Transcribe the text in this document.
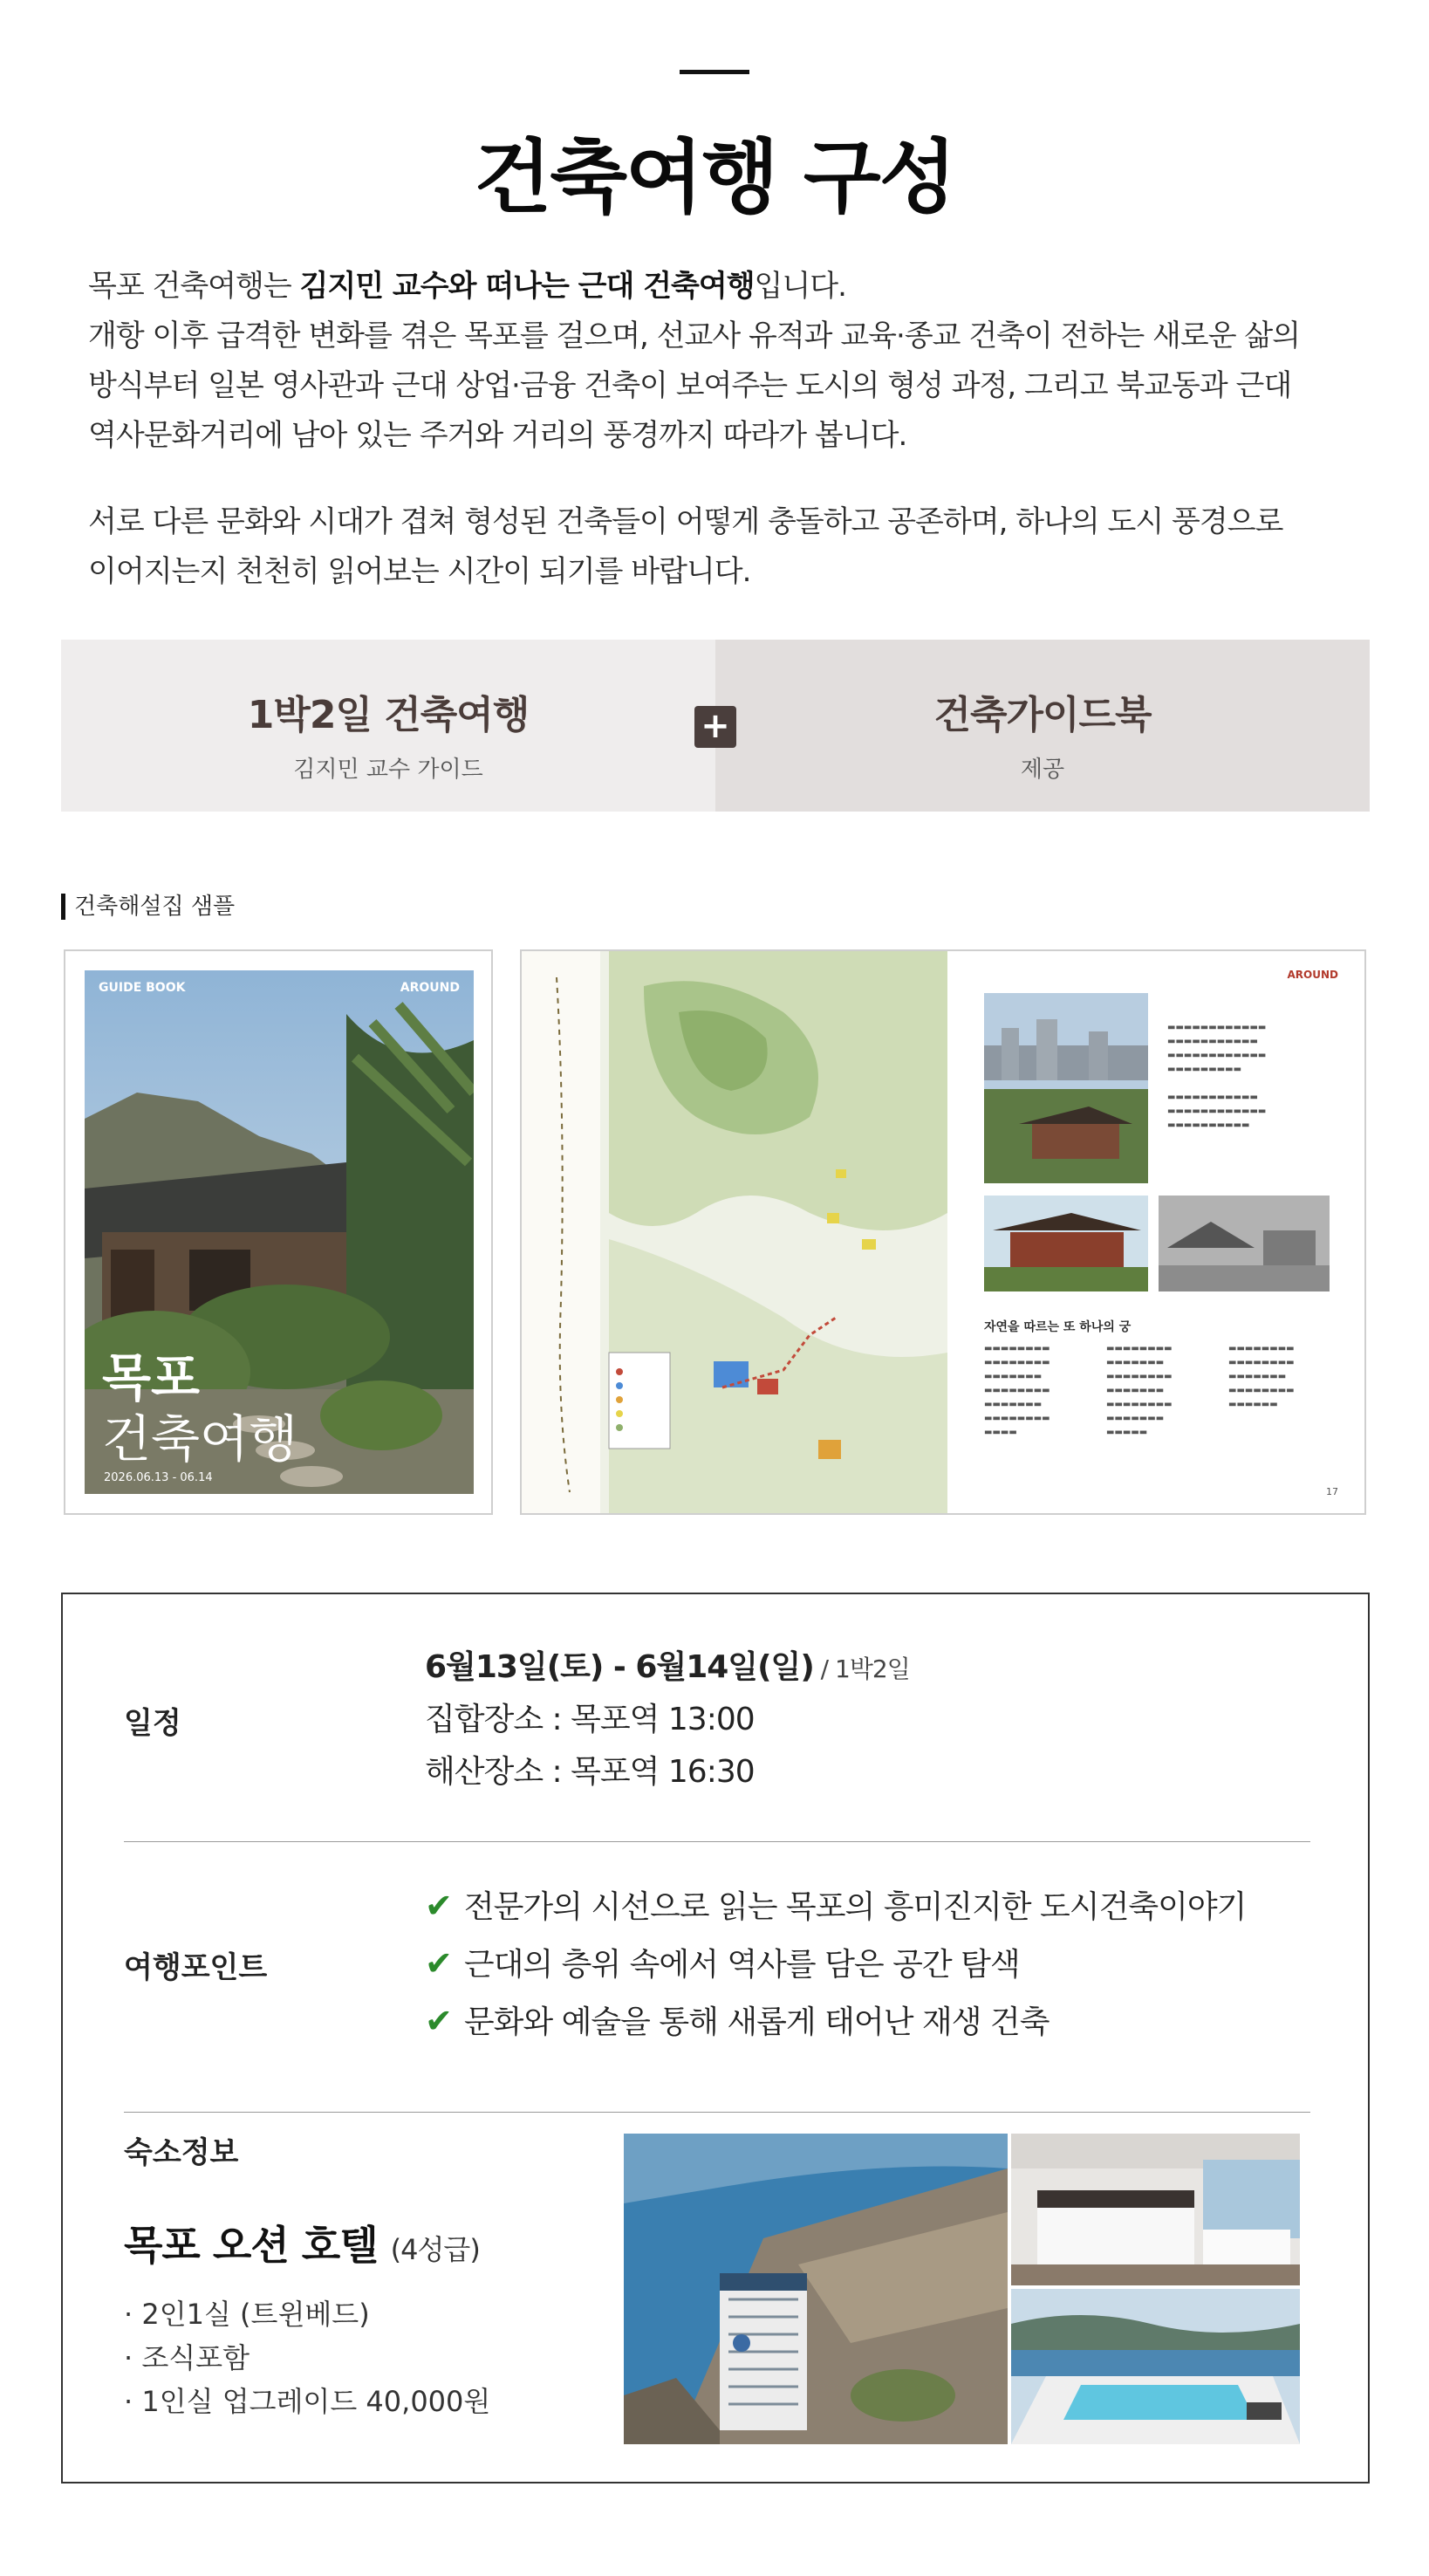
건축여행 구성

목포 건축여행는 김지민 교수와 떠나는 근대 건축여행입니다.
개항 이후 급격한 변화를 겪은 목포를 걸으며, 선교사 유적과 교육·종교 건축이 전하는 새로운 삶의
방식부터 일본 영사관과 근대 상업·금융 건축이 보여주는 도시의 형성 과정, 그리고 북교동과 근대
역사문화거리에 남아 있는 주거와 거리의 풍경까지 따라가 봅니다.

서로 다른 문화와 시대가 겹쳐 형성된 건축들이 어떻게 충돌하고 공존하며, 하나의 도시 풍경으로
이어지는지 천천히 읽어보는 시간이 되기를 바랍니다.

1박2일 건축여행
김지민 교수 가이드
건축가이드북
제공
+
건축해설집 샘플
GUIDE BOOK	AROUND
목포
건축여행
2026.06.13 - 06.14
AROUND
▬▬▬▬▬▬▬▬▬▬▬▬
▬▬▬▬▬▬▬▬▬▬▬
▬▬▬▬▬▬▬▬▬▬▬▬
▬▬▬▬▬▬▬▬▬

▬▬▬▬▬▬▬▬▬▬▬
▬▬▬▬▬▬▬▬▬▬▬▬
▬▬▬▬▬▬▬▬▬▬
자연을 따르는 또 하나의 궁
▬▬▬▬▬▬▬▬
▬▬▬▬▬▬▬▬
▬▬▬▬▬▬▬
▬▬▬▬▬▬▬▬
▬▬▬▬▬▬▬
▬▬▬▬▬▬▬▬
▬▬▬▬
▬▬▬▬▬▬▬▬
▬▬▬▬▬▬▬
▬▬▬▬▬▬▬▬
▬▬▬▬▬▬▬
▬▬▬▬▬▬▬▬
▬▬▬▬▬▬▬
▬▬▬▬▬
▬▬▬▬▬▬▬▬
▬▬▬▬▬▬▬▬
▬▬▬▬▬▬▬
▬▬▬▬▬▬▬▬
▬▬▬▬▬▬
17
일정
6월13일(토) - 6월14일(일) / 1박2일
집합장소 : 목포역 13:00
해산장소 : 목포역 16:30
여행포인트
✔ 전문가의 시선으로 읽는 목포의 흥미진지한 도시건축이야기
✔ 근대의 층위 속에서 역사를 담은 공간 탐색
✔ 문화와 예술을 통해 새롭게 태어난 재생 건축
숙소정보
목포 오션 호텔 (4성급)
· 2인1실 (트윈베드)
· 조식포함
· 1인실 업그레이드 40,000원
